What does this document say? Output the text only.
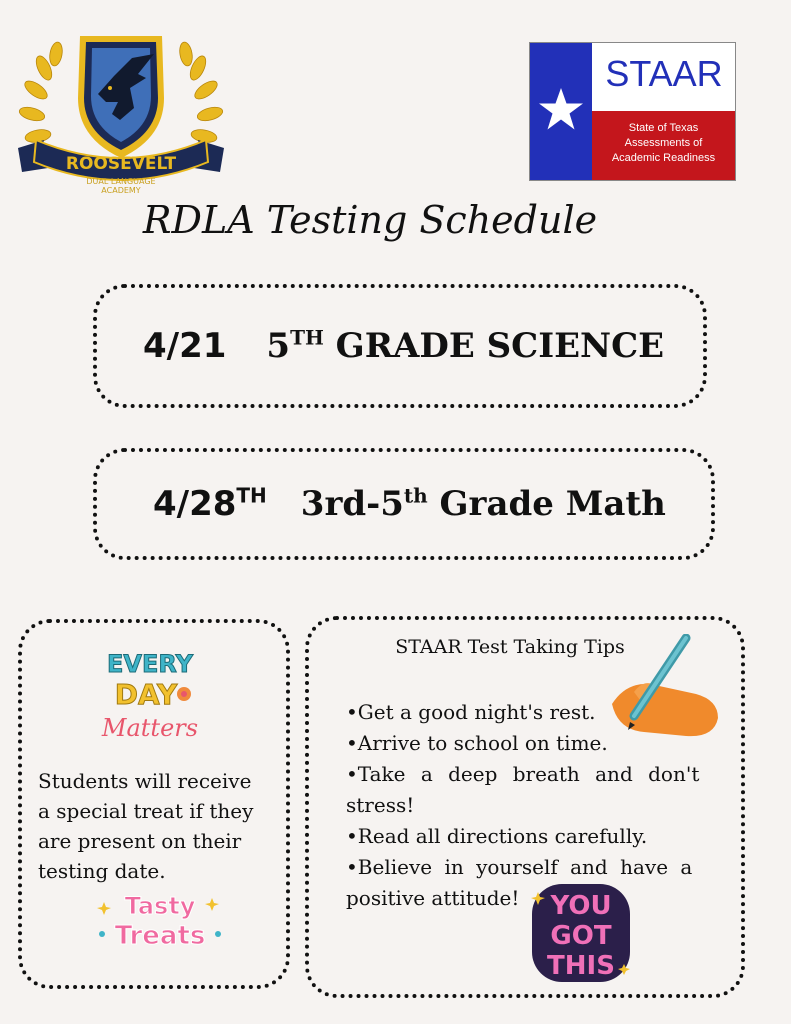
ROOSEVELT
DUAL LANGUAGE
ACADEMY
STAAR
State of Texas
Assessments of
Academic Readiness
RDLA Testing Schedule
4/21 5TH GRADE SCIENCE
4/28TH 3rd-5th Grade Math
EVERY
DAY
Matters
Students will receive
a special treat if they
are present on their
testing date.
Tasty
Treats
STAAR Test Taking Tips
•Get a good night's rest.
•Arrive to school on time.
•Take a deep breath and don't
stress!
•Read all directions carefully.
•Believe in yourself and have a
positive attitude!	YOU
GOT
THIS
